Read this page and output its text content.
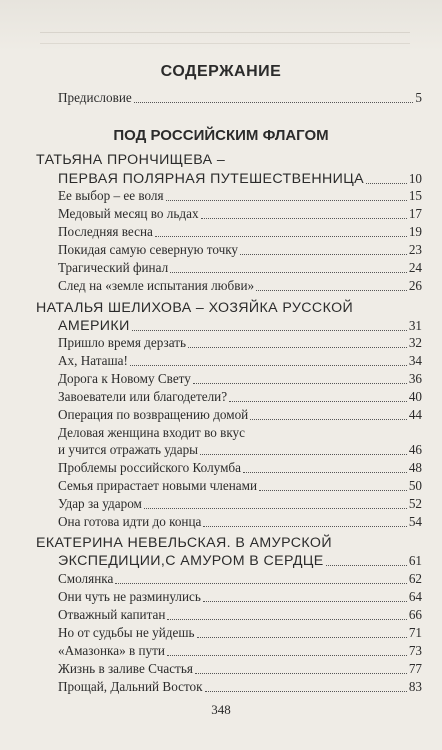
СОДЕРЖАНИЕ
Предисловие	5
ПОД РОССИЙСКИМ ФЛАГОМ
ТАТЬЯНА ПРОНЧИЩЕВА –
ПЕРВАЯ ПОЛЯРНАЯ ПУТЕШЕСТВЕННИЦА	10
Ее выбор – ее воля	15
Медовый месяц во льдах	17
Последняя весна	19
Покидая самую северную точку	23
Трагический финал	24
След на «земле испытания любви»	26
НАТАЛЬЯ ШЕЛИХОВА – ХОЗЯЙКА РУССКОЙ
АМЕРИКИ	31
Пришло время дерзать	32
Ах, Наташа!	34
Дорога к Новому Свету	36
Завоеватели или благодетели?	40
Операция по возвращению домой	44
Деловая женщина входит во вкус
и учится отражать удары	46
Проблемы российского Колумба	48
Семья прирастает новыми членами	50
Удар за ударом	52
Она готова идти до конца	54
ЕКАТЕРИНА НЕВЕЛЬСКАЯ. В АМУРСКОЙ
ЭКСПЕДИЦИИ,С АМУРОМ В СЕРДЦЕ	61
Смолянка	62
Они чуть не разминулись	64
Отважный капитан	66
Но от судьбы не уйдешь	71
«Амазонка» в пути	73
Жизнь в заливе Счастья	77
Прощай, Дальний Восток	83
348
